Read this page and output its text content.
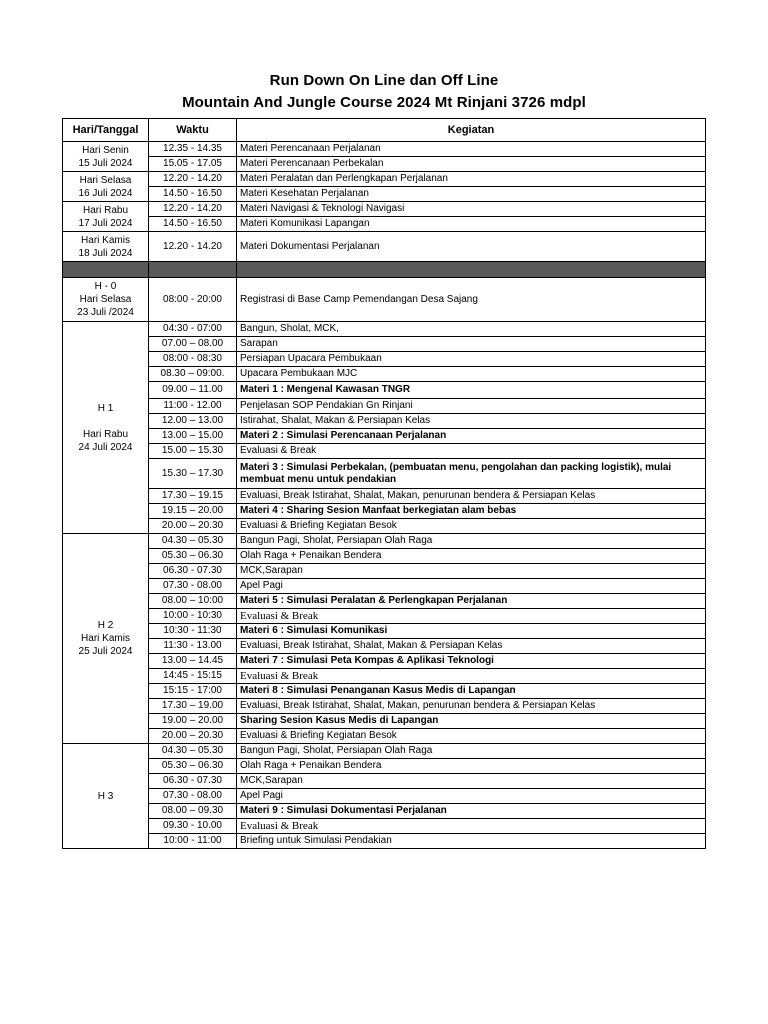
Run Down On Line dan Off Line
Mountain And Jungle Course 2024 Mt Rinjani 3726 mdpl
Hari/Tanggal	Waktu	Kegiatan

Hari Senin
15 Juli 2024	12.35 - 14.35	Materi Perencanaan Perjalanan
	15.05 - 17.05	Materi Perencanaan Perbekalan

Hari Selasa
16 Juli 2024	12.20 - 14.20	Materi Peralatan dan Perlengkapan Perjalanan
	14.50 - 16.50	Materi Kesehatan Perjalanan

Hari Rabu
17 Juli 2024	12.20 - 14.20	Materi Navigasi & Teknologi Navigasi
	14.50 - 16.50	Materi Komunikasi Lapangan

Hari Kamis
18 Juli 2024	12.20 - 14.20	Materi Dokumentasi Perjalanan

H - 0
Hari Selasa
23 Juli /2024	08:00 - 20:00	Registrasi di Base Camp Pemendangan Desa Sajang

H 1

Hari Rabu
24 Juli 2024	04:30 - 07:00	Bangun, Sholat, MCK,
	07.00 – 08.00	Sarapan
	08:00 - 08:30	Persiapan Upacara Pembukaan
	08.30 – 09:00.	Upacara Pembukaan MJC
	09.00 – 11.00	Materi 1 : Mengenal Kawasan TNGR
	11:00 - 12.00	Penjelasan SOP Pendakian Gn Rinjani
	12.00 – 13.00	Istirahat, Shalat, Makan & Persiapan Kelas
	13.00 – 15.00	Materi 2 : Simulasi Perencanaan Perjalanan
	15.00 – 15.30	Evaluasi & Break
	15.30 – 17.30	Materi 3 : Simulasi Perbekalan, (pembuatan menu, pengolahan dan packing logistik), mulai membuat menu untuk pendakian
	17.30 – 19.15	Evaluasi, Break Istirahat, Shalat, Makan, penurunan bendera & Persiapan Kelas
	19.15 – 20.00	Materi 4 : Sharing Sesion Manfaat berkegiatan alam bebas
	20.00 – 20.30	Evaluasi & Briefing Kegiatan Besok

H 2
Hari Kamis
25 Juli 2024	04.30 – 05.30	Bangun Pagi, Sholat, Persiapan Olah Raga
	05.30 – 06.30	Olah Raga + Penaikan Bendera
	06.30 - 07.30	MCK,Sarapan
	07.30 - 08.00	Apel Pagi
	08.00 – 10:00	Materi 5 : Simulasi Peralatan & Perlengkapan Perjalanan
	10:00 - 10:30	Evaluasi & Break
	10:30 - 11:30	Materi 6 : Simulasi Komunikasi
	11:30 - 13.00	Evaluasi, Break Istirahat, Shalat, Makan & Persiapan Kelas
	13.00 – 14.45	Materi 7 : Simulasi Peta Kompas & Aplikasi Teknologi
	14:45 - 15:15	Evaluasi & Break
	15:15 - 17:00	Materi 8 : Simulasi Penanganan Kasus Medis di Lapangan
	17.30 – 19.00	Evaluasi, Break Istirahat, Shalat, Makan, penurunan bendera & Persiapan Kelas
	19.00 – 20.00	Sharing Sesion Kasus Medis di Lapangan
	20.00 – 20.30	Evaluasi & Briefing Kegiatan Besok

H 3	04.30 – 05.30	Bangun Pagi, Sholat, Persiapan Olah Raga
	05.30 – 06.30	Olah Raga + Penaikan Bendera
	06.30 - 07.30	MCK,Sarapan
	07.30 - 08.00	Apel Pagi
	08.00 – 09.30	Materi 9 : Simulasi Dokumentasi Perjalanan
	09.30 - 10.00	Evaluasi & Break
	10:00 - 11:00	Briefing untuk Simulasi Pendakian
